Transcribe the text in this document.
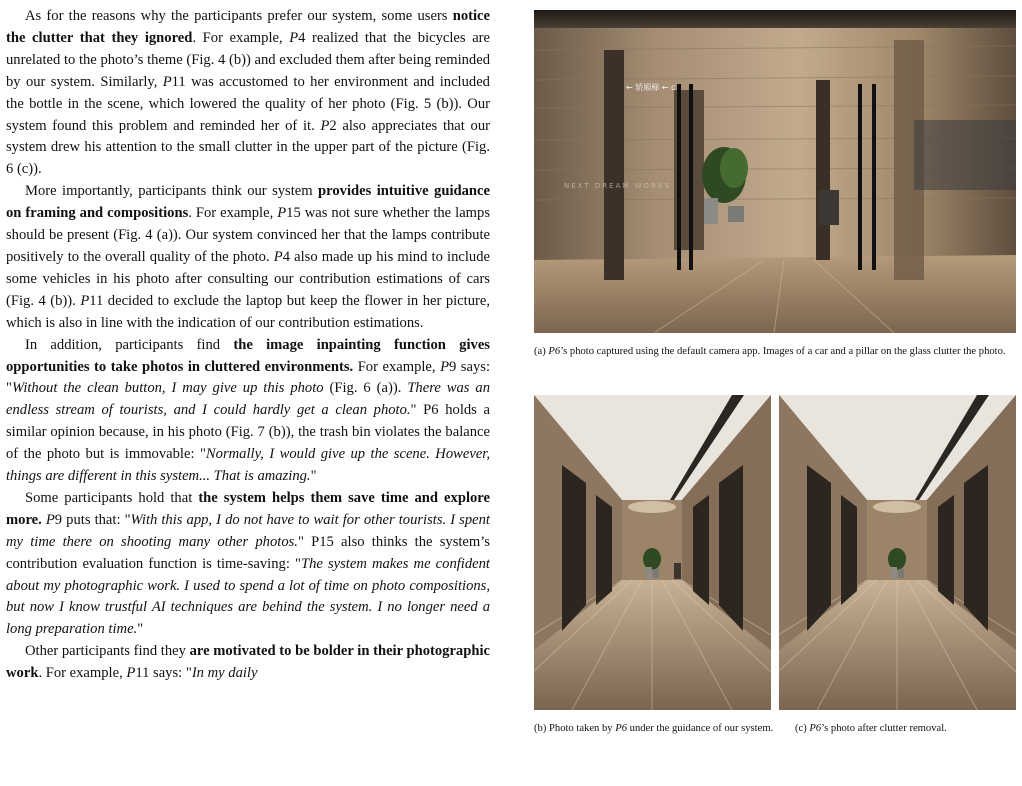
As for the reasons why the participants prefer our system, some users notice the clutter that they ignored. For example, P4 realized that the bicycles are unrelated to the photo’s theme (Fig. 4 (b)) and excluded them after being reminded by our system. Similarly, P11 was accustomed to her environment and included the bottle in the scene, which lowered the quality of her photo (Fig. 5 (b)). Our system found this problem and reminded her of it. P2 also appreciates that our system drew his attention to the small clutter in the upper part of the picture (Fig. 6 (c)).

More importantly, participants think our system provides intuitive guidance on framing and compositions. For example, P15 was not sure whether the lamps should be present (Fig. 4 (a)). Our system convinced her that the lamps contribute positively to the overall quality of the photo. P4 also made up his mind to include some vehicles in his photo after consulting our contribution estimations of cars (Fig. 4 (b)). P11 decided to exclude the laptop but keep the flower in her picture, which is also in line with the indication of our contribution estimations.

In addition, participants find the image inpainting function gives opportunities to take photos in cluttered environments. For example, P9 says: "Without the clean button, I may give up this photo (Fig. 6 (a)). There was an endless stream of tourists, and I could hardly get a clean photo." P6 holds a similar opinion because, in his photo (Fig. 7 (b)), the trash bin violates the balance of the photo but is immovable: "Normally, I would give up the scene. However, things are different in this system... That is amazing."

Some participants hold that the system helps them save time and explore more. P9 puts that: "With this app, I do not have to wait for other tourists. I spent my time there on shooting many other photos." P15 also thinks the system’s contribution evaluation function is time-saving: "The system makes me confident about my photographic work. I used to spend a lot of time on photo compositions, but now I know trustful AI techniques are behind the system. I no longer need a long preparation time."

Other participants find they are motivated to be bolder in their photographic work. For example, P11 says: "In my daily

← 轿厢梯 ← ⅽ
NEXT DREAM WORKS
(a) P6’s photo captured using the default camera app. Images of a car and a pillar on the glass clutter the photo.
(b) Photo taken by P6 under the guidance of our system. (c) P6’s photo after clutter removal.
